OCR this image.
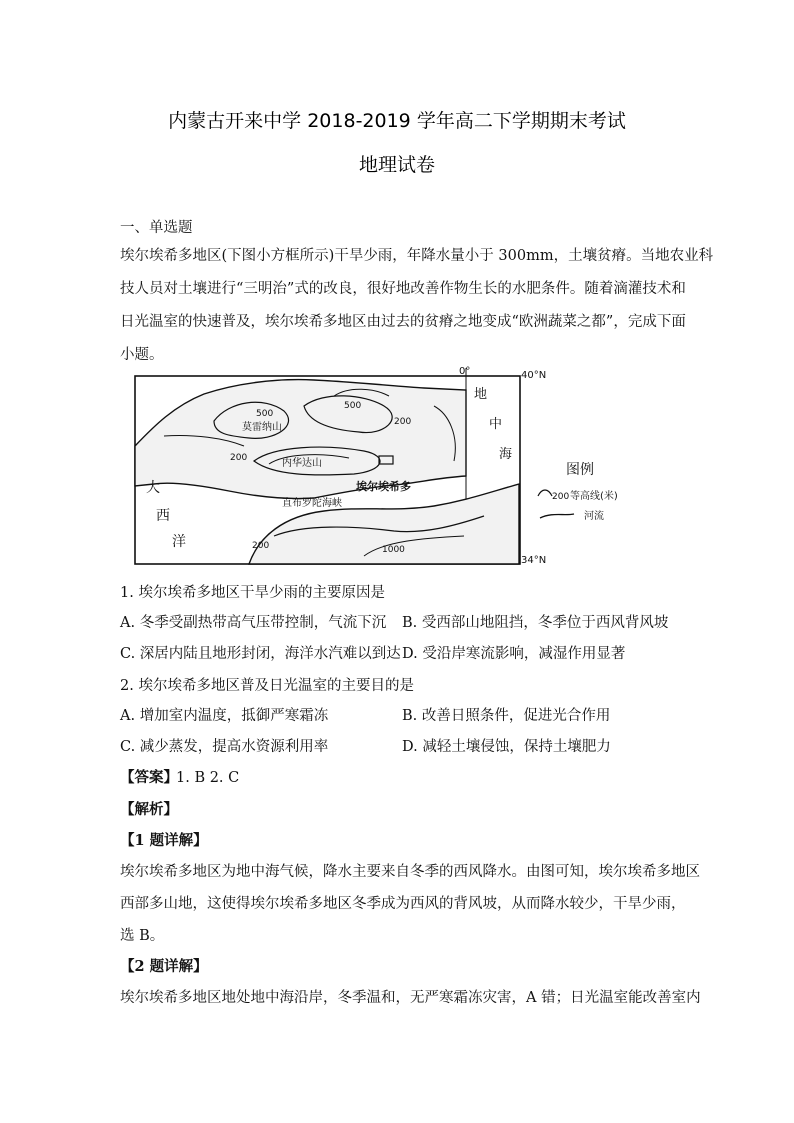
内蒙古开来中学 2018-2019 学年高二下学期期末考试
地理试卷
一、单选题
埃尔埃希多地区(下图小方框所示)干旱少雨，年降水量小于 300mm，土壤贫瘠。当地农业科
技人员对土壤进行“三明治”式的改良，很好地改善作物生长的水肥条件。随着滴灌技术和
日光温室的快速普及，埃尔埃希多地区由过去的贫瘠之地变成“欧洲蔬菜之都”，完成下面
小题。
40°N
34°N
0°
地
中
海
大
西
洋
莫雷纳山
内华达山
直布罗陀海峡
埃尔埃希多
500
500
200
200
1000
200
图例
200 等高线(米)
河流
1. 埃尔埃希多地区干旱少雨的主要原因是
A. 冬季受副热带高气压带控制，气流下沉 B. 受西部山地阻挡，冬季位于西风背风坡
C. 深居内陆且地形封闭，海洋水汽难以到达 D. 受沿岸寒流影响，减湿作用显著
2. 埃尔埃希多地区普及日光温室的主要目的是
A. 增加室内温度，抵御严寒霜冻	B. 改善日照条件，促进光合作用
C. 减少蒸发，提高水资源利用率	D. 减轻土壤侵蚀，保持土壤肥力
【答案】
1. B 2. C
【解析】
【1 题详解】
埃尔埃希多地区为地中海气候，降水主要来自冬季的西风降水。由图可知，埃尔埃希多地区
西部多山地，这使得埃尔埃希多地区冬季成为西风的背风坡，从而降水较少，干旱少雨，
选 B。
【2 题详解】
埃尔埃希多地区地处地中海沿岸，冬季温和，无严寒霜冻灾害，A 错；日光温室能改善室内
